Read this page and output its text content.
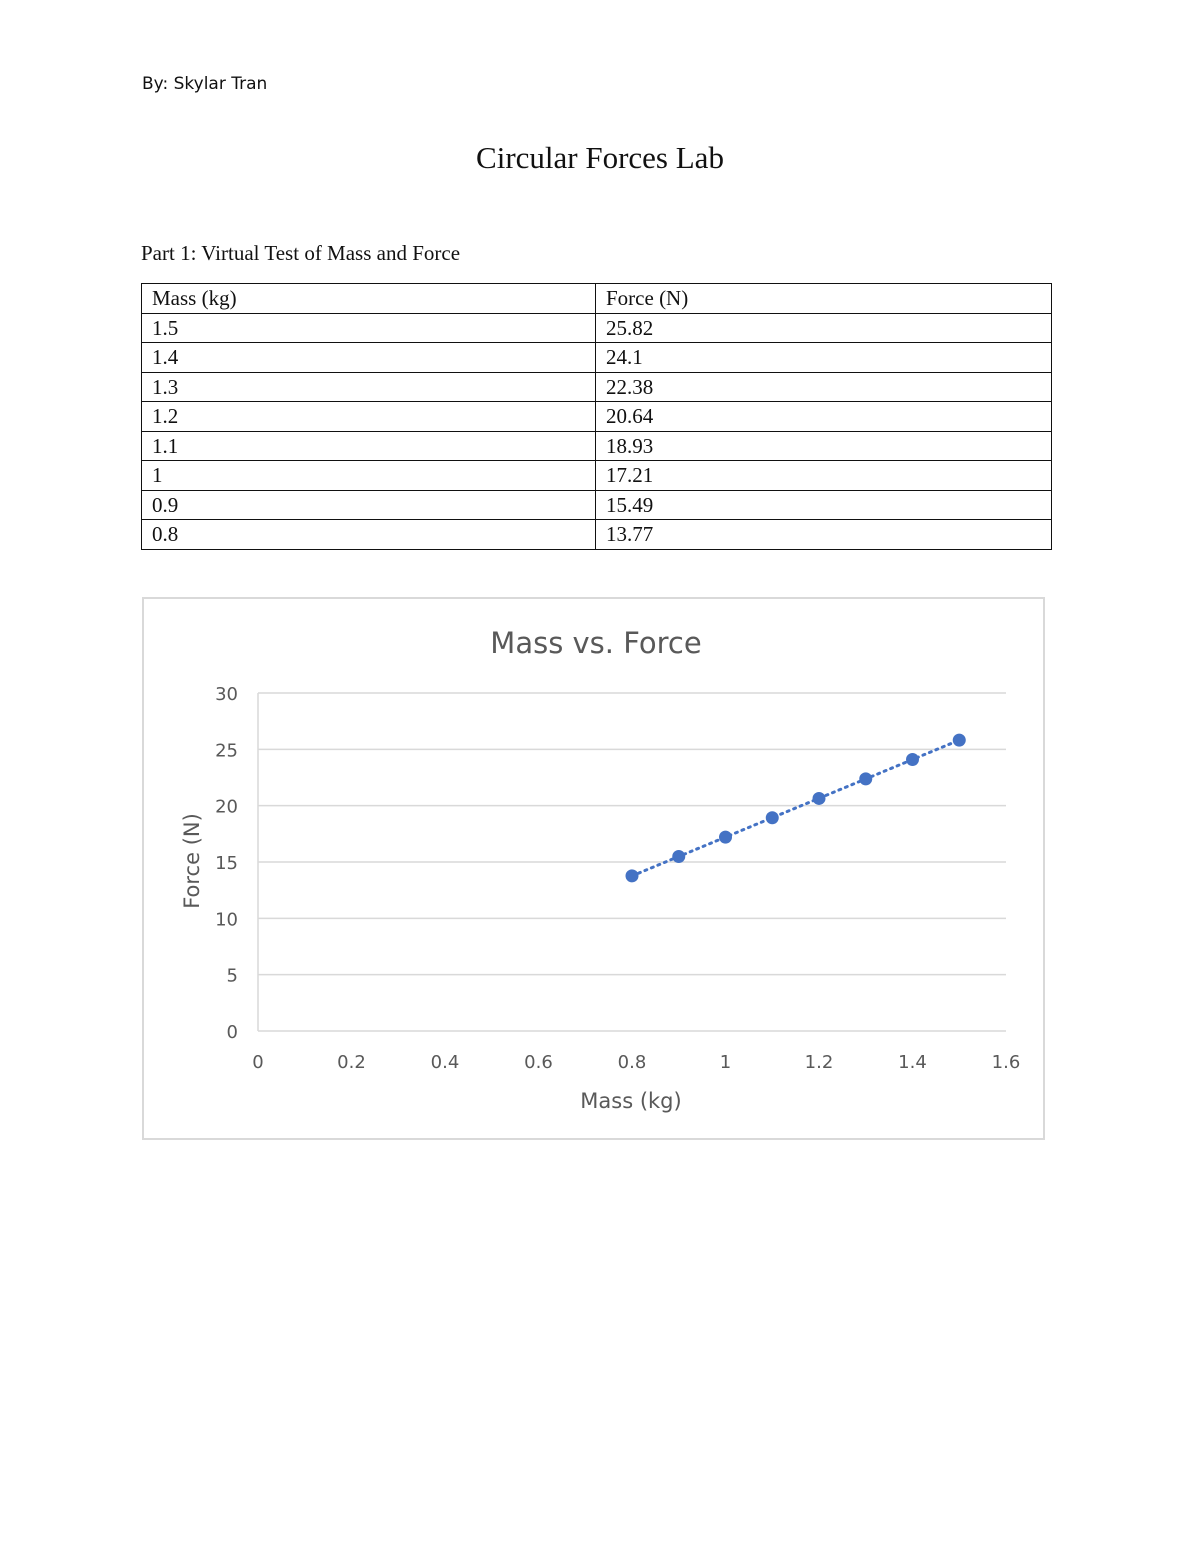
By: Skylar Tran
Circular Forces Lab
Part 1: Virtual Test of Mass and Force
Mass (kg)	Force (N)
1.5	25.82
1.4	24.1
1.3	22.38
1.2	20.64
1.1	18.93
1	17.21
0.9	15.49
0.8	13.77
Mass vs. Force
Mass (kg)
Force (N)
0
5
10
15
20
25
30
0	0.2	0.4	0.6	0.8	1	1.2	1.4	1.6
